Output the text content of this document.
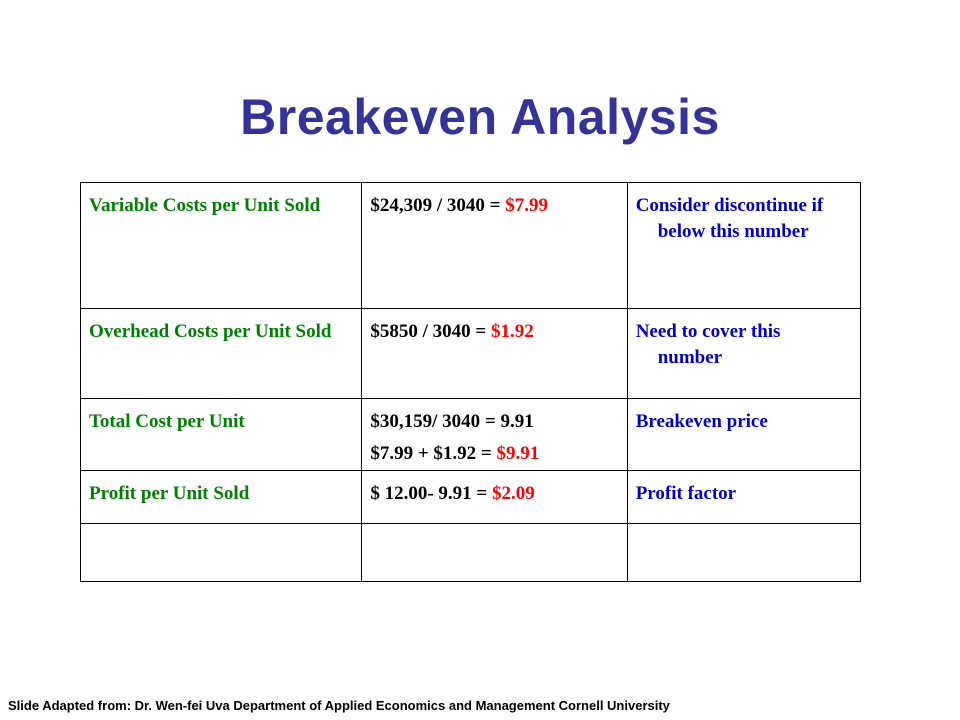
Breakeven Analysis
Variable Costs per Unit Sold	$24,309 / 3040 = $7.99	Consider discontinue if
below this number

Overhead Costs per Unit Sold	$5850 / 3040 = $1.92	Need to cover this
number

Total Cost per Unit	$30,159/ 3040 = 9.91
$7.99 + $1.92 = $9.91	Breakeven price
Profit per Unit Sold	$ 12.00- 9.91 = $2.09	Profit factor

Slide Adapted from: Dr. Wen-fei Uva Department of Applied Economics and Management Cornell University
